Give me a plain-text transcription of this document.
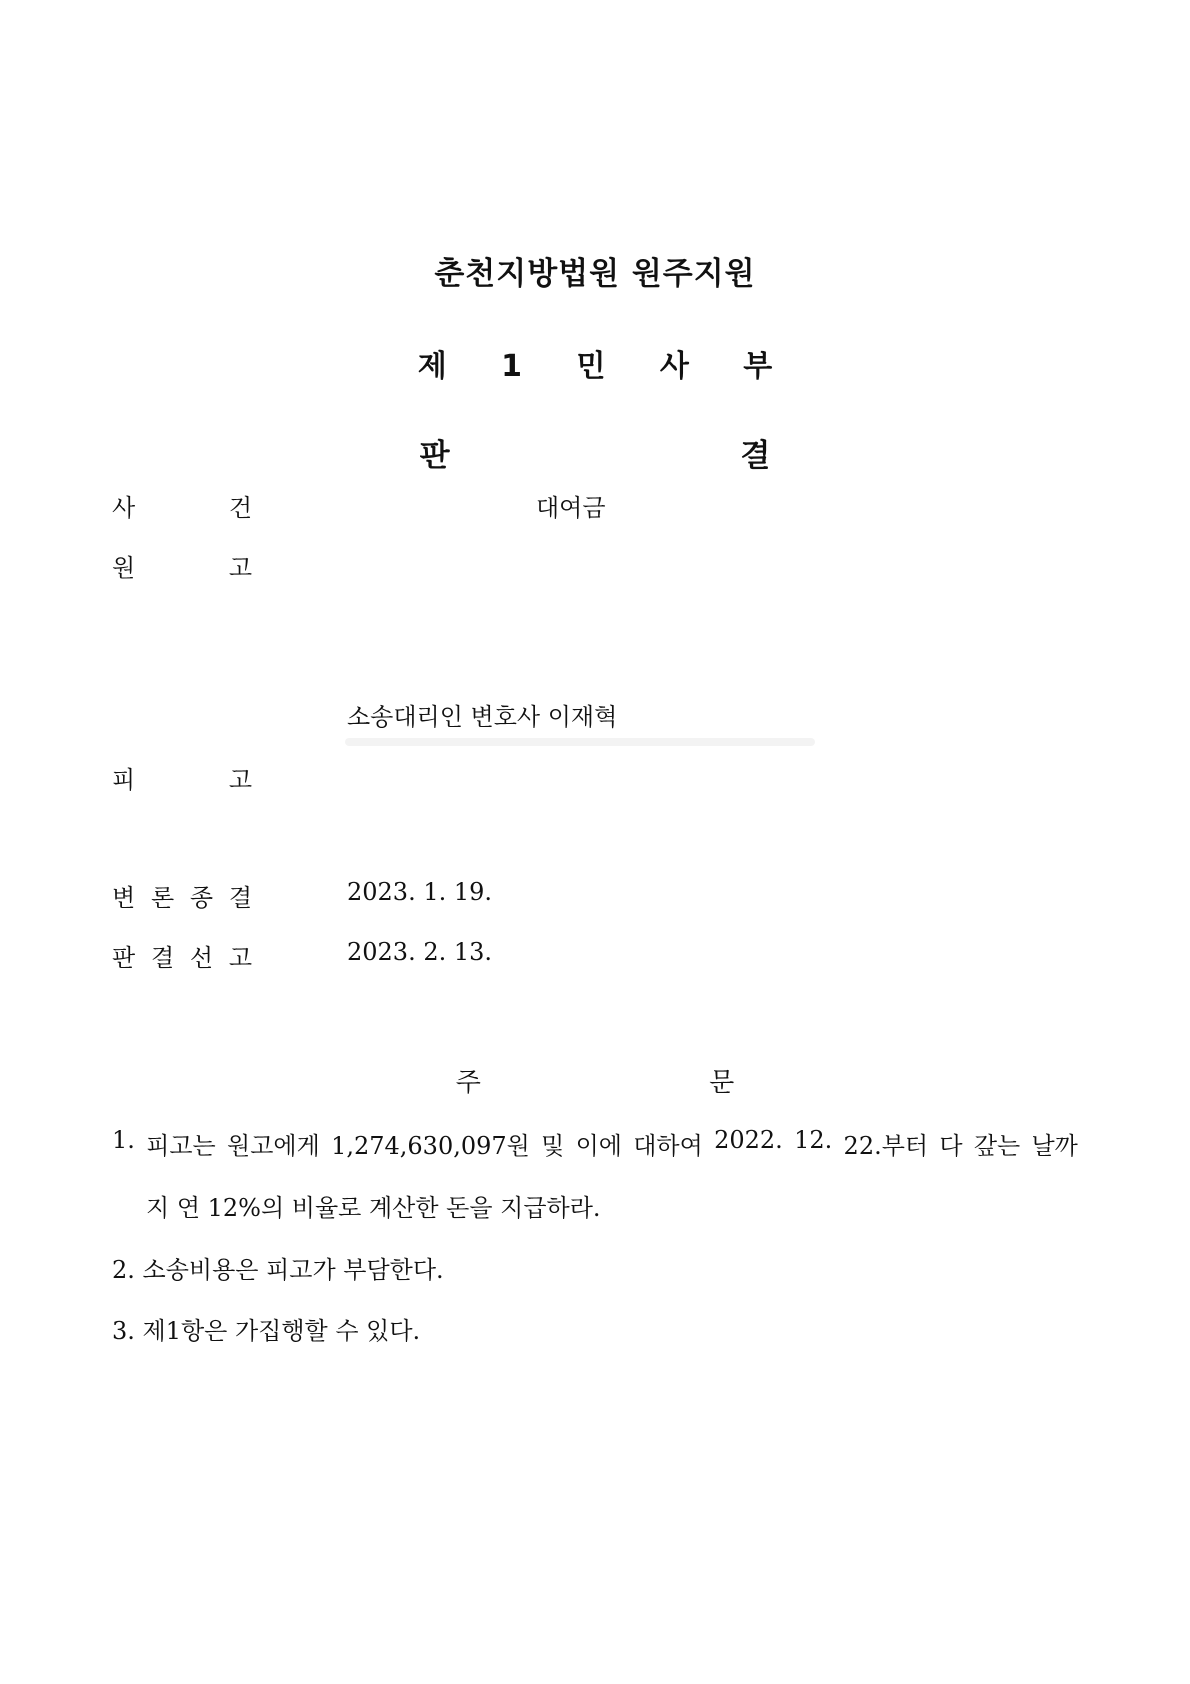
춘천지방법원 원주지원
제 1 민 사 부
판 결
사	건	대여금
원	고
소송대리인 변호사 이재혁
피	고
변 론 종 결	2023. 1. 19.
판 결 선 고	2023. 2. 13.
주 문
1. 피고는 원고에게 1,274,630,097원 및 이에 대하여 2022. 12. 22.부터 다 갚는 날까
지 연 12%의 비율로 계산한 돈을 지급하라.
2. 소송비용은 피고가 부담한다.
3. 제1항은 가집행할 수 있다.
